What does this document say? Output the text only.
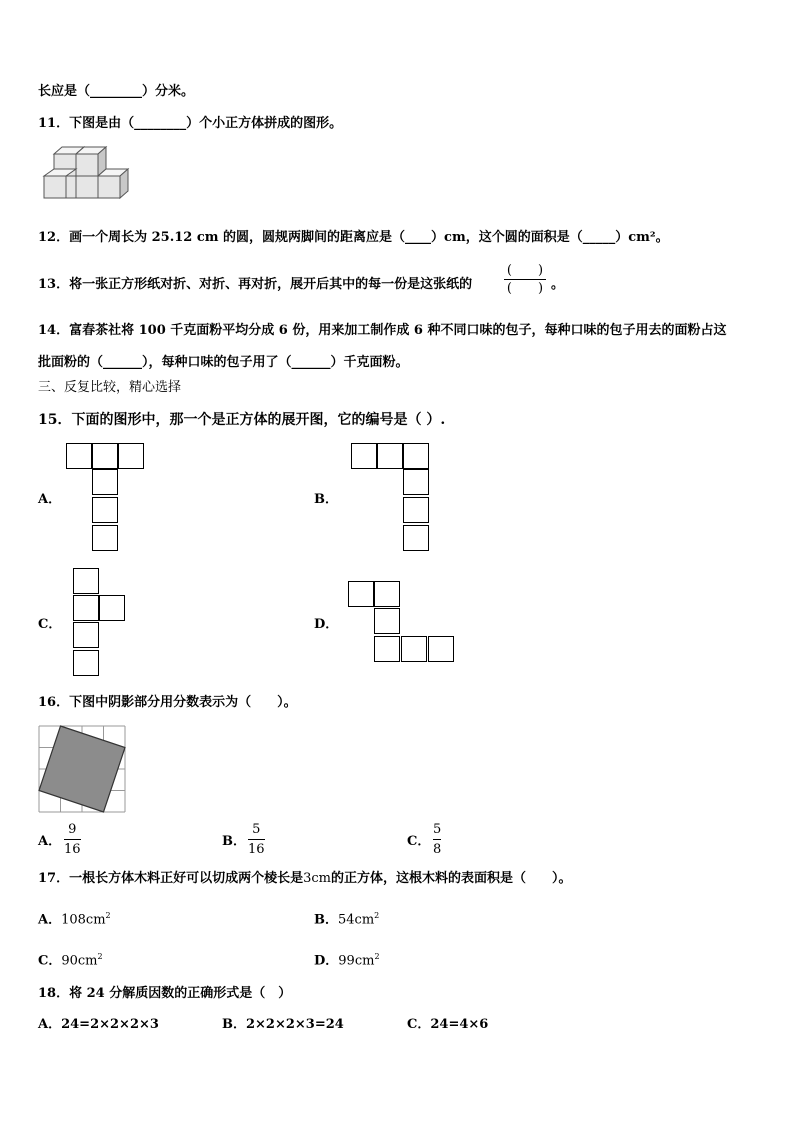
长应是（________）分米。
11．下图是由（________）个小正方体拼成的图形。
12．画一个周长为 25.12 cm 的圆，圆规两脚间的距离应是（____）cm，这个圆的面积是（_____）cm²。
13．将一张正方形纸对折、对折、再对折，展开后其中的每一份是这张纸的
(　　)
(　　) 。
14．富春茶社将 100 千克面粉平均分成 6 份，用来加工制作成 6 种不同口味的包子，每种口味的包子用去的面粉占这
批面粉的（______），每种口味的包子用了（______）千克面粉。
三、反复比较，精心选择
15．下面的图形中，那一个是正方体的展开图，它的编号是（ ）.
A．	B．
C．	D．
16．下图中阴影部分用分数表示为（　　）。
A．
9
16
B．
5
16
C．
5
8
17．一根长方体木料正好可以切成两个棱长是3cm的正方体，这根木料的表面积是（　　）。
A．$108cm^2$	B．$54cm^2$
C．$90cm^2$	D．$99cm^2$
18．将 24 分解质因数的正确形式是（　）
A．24=2×2×2×3	B．2×2×2×3=24	C．24=4×6
